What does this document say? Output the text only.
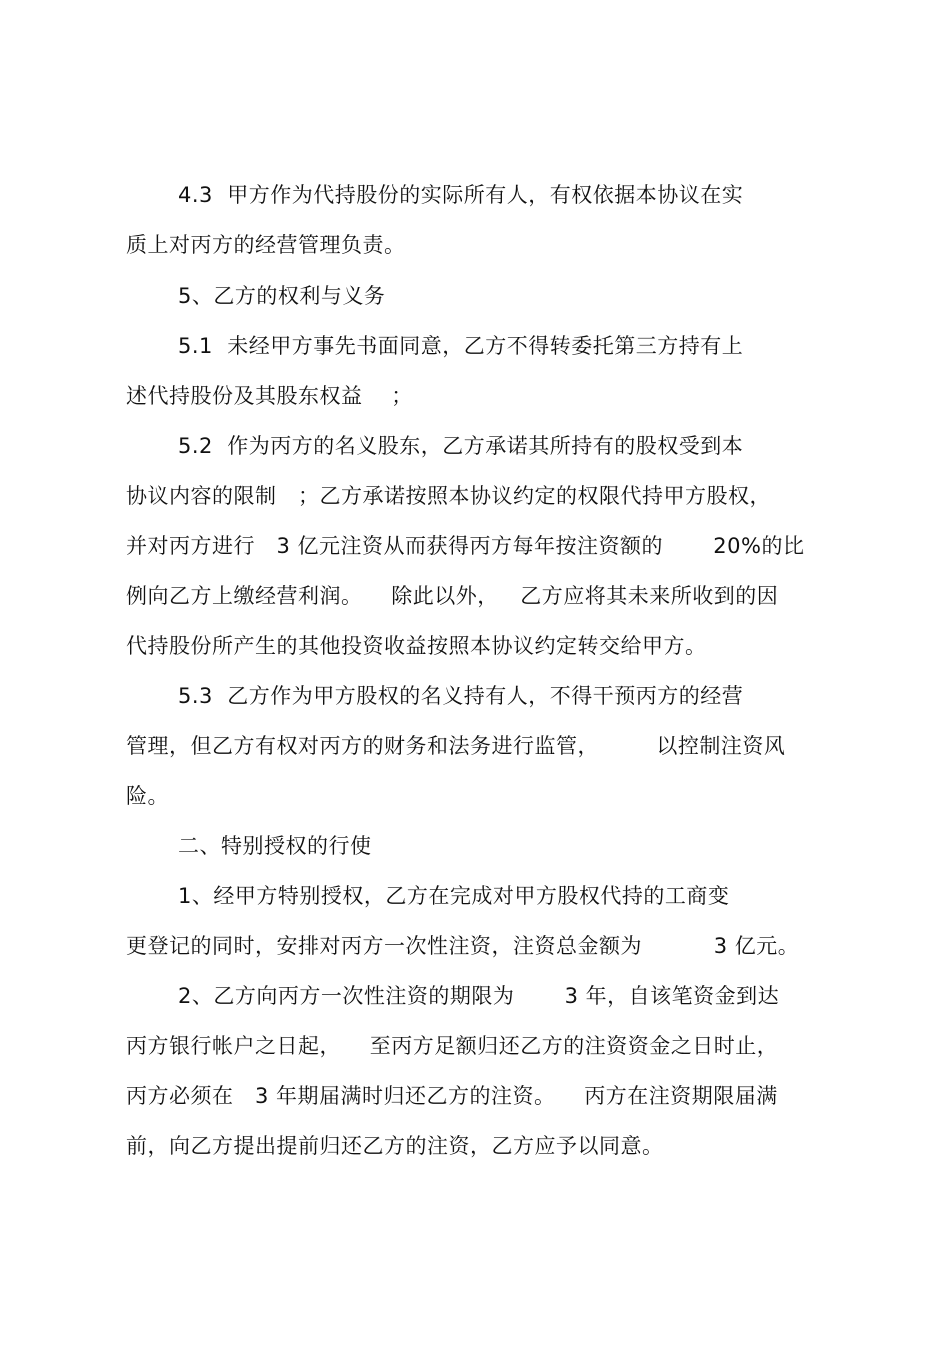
4.3  甲方作为代持股份的实际所有人，有权依据本协议在实
质上对丙方的经营管理负责。
5、乙方的权利与义务
5.1  未经甲方事先书面同意，乙方不得转委托第三方持有上
述代持股份及其股东权益    ；
5.2  作为丙方的名义股东，乙方承诺其所持有的股权受到本
协议内容的限制   ；乙方承诺按照本协议约定的权限代持甲方股权，
并对丙方进行   3 亿元注资从而获得丙方每年按注资额的       20%的比
例向乙方上缴经营利润。    除此以外，   乙方应将其未来所收到的因
代持股份所产生的其他投资收益按照本协议约定转交给甲方。
5.3  乙方作为甲方股权的名义持有人，不得干预丙方的经营
管理，但乙方有权对丙方的财务和法务进行监管，        以控制注资风
险。
二、特别授权的行使
1、经甲方特别授权，乙方在完成对甲方股权代持的工商变
更登记的同时，安排对丙方一次性注资，注资总金额为          3 亿元。
2、乙方向丙方一次性注资的期限为       3 年，自该笔资金到达
丙方银行帐户之日起，    至丙方足额归还乙方的注资资金之日时止，
丙方必须在   3 年期届满时归还乙方的注资。    丙方在注资期限届满
前，向乙方提出提前归还乙方的注资，乙方应予以同意。
